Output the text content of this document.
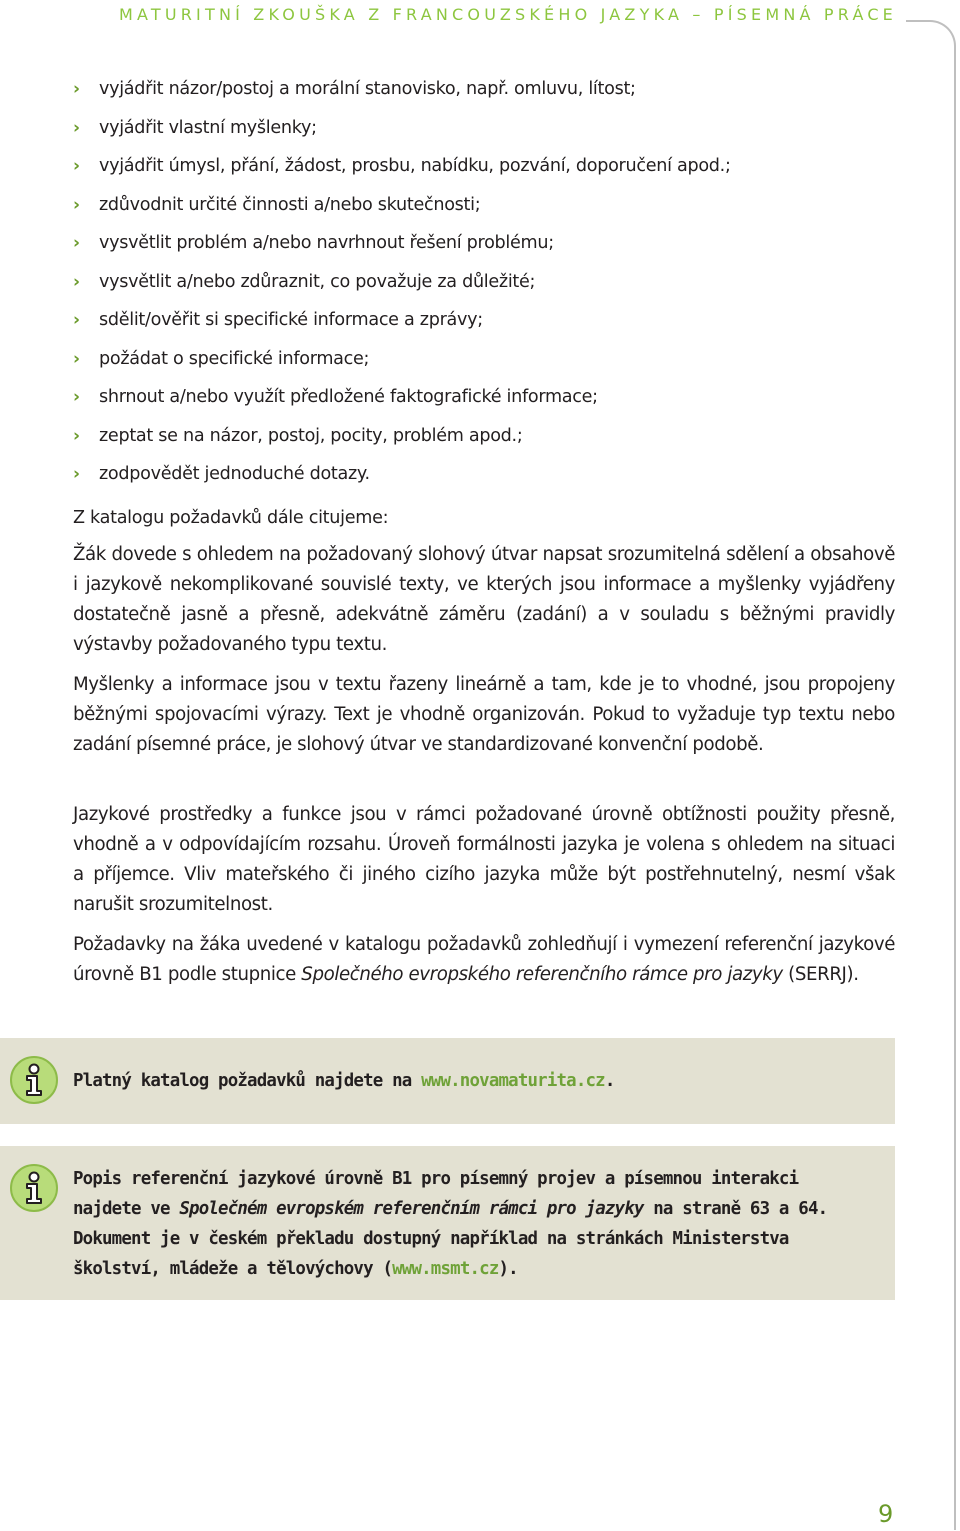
MATURITNÍ ZKOUŠKA Z FRANCOUZSKÉHO JAZYKA – PÍSEMNÁ PRÁCE
› vyjádřit názor/postoj a morální stanovisko, např. omluvu, lítost;
› vyjádřit vlastní myšlenky;
› vyjádřit úmysl, přání, žádost, prosbu, nabídku, pozvání, doporučení apod.;
› zdůvodnit určité činnosti a/nebo skutečnosti;
› vysvětlit problém a/nebo navrhnout řešení problému;
› vysvětlit a/nebo zdůraznit, co považuje za důležité;
› sdělit/ověřit si specifické informace a zprávy;
› požádat o specifické informace;
› shrnout a/nebo využít předložené faktografické informace;
› zeptat se na názor, postoj, pocity, problém apod.;
› zodpovědět jednoduché dotazy.
Z katalogu požadavků dále citujeme:

Žák dovede s ohledem na požadovaný slohový útvar napsat srozumitelná sdělení a obsahově i jazykově nekomplikované souvislé texty, ve kterých jsou informace a myšlenky vyjádřeny dostatečně jasně a přesně, adekvátně záměru (zadání) a v souladu s běžnými pravidly výstavby požadovaného typu textu.

Myšlenky a informace jsou v textu řazeny lineárně a tam, kde je to vhodné, jsou propojeny běžnými spojovacími výrazy. Text je vhodně organizován. Pokud to vyžaduje typ textu nebo zadání písemné práce, je slohový útvar ve standardizované konvenční podobě.

Jazykové prostředky a funkce jsou v rámci požadované úrovně obtížnosti použity přesně, vhodně a v odpovídajícím rozsahu. Úroveň formálnosti jazyka je volena s ohledem na situaci a příjemce. Vliv mateřského či jiného cizího jazyka může být postřehnutelný, nesmí však narušit srozumitelnost.

Požadavky na žáka uvedené v katalogu požadavků zohledňují i vymezení referenční jazykové úrovně B1 podle stupnice Společného evropského referenčního rámce pro jazyky (SERRJ).

Platný katalog požadavků najdete na www.novamaturita.cz.
Popis referenční jazykové úrovně B1 pro písemný projev a písemnou interakci najdete ve Společném evropském referenčním rámci pro jazyky na straně 63 a 64. Dokument je v českém překladu dostupný například na stránkách Ministerstva školství, mládeže a tělovýchovy (www.msmt.cz).
9
